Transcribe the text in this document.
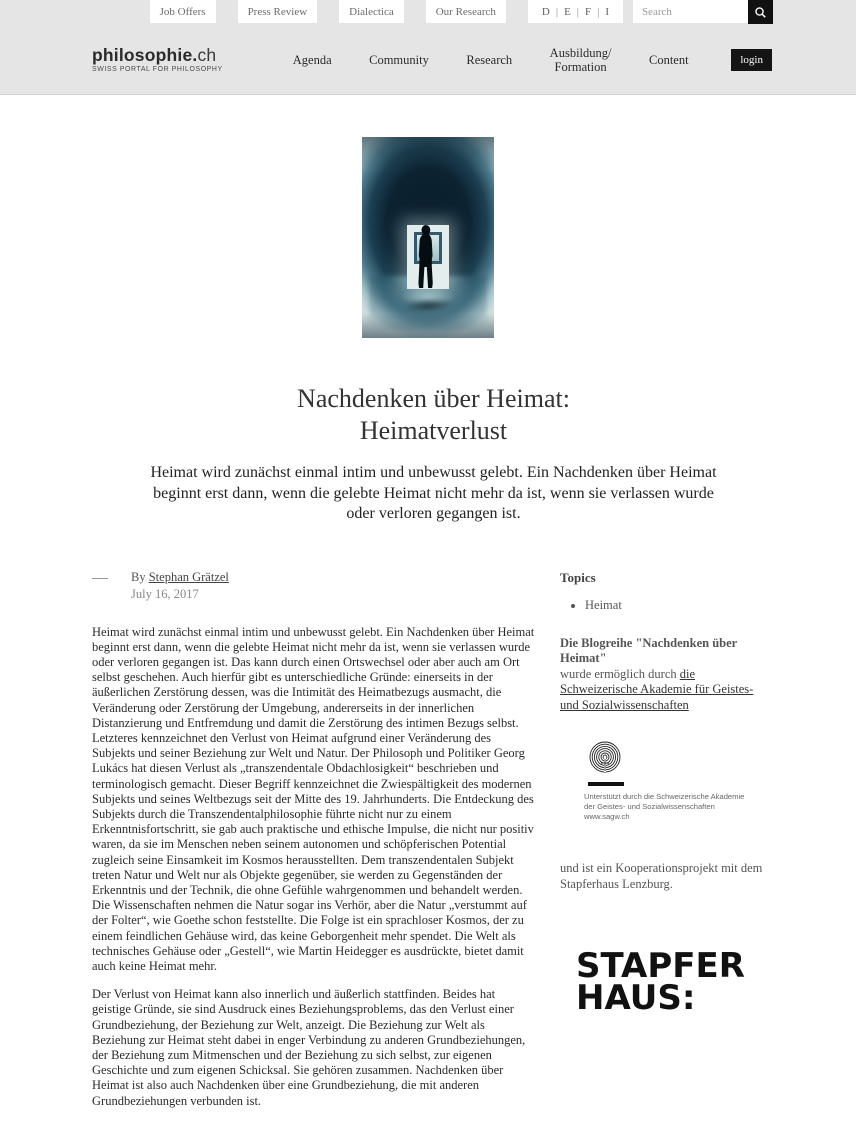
Job Offers	Press Review	Dialectica	Our Research	D | E | F | I
Search
philosophie.ch
SWISS PORTAL FOR PHILOSOPHY
Agenda	Community	Research	Ausbildung/
Formation	Content	login
Nachdenken über Heimat:
Heimatverlust

Heimat wird zunächst einmal intim und unbewusst gelebt. Ein Nachdenken über Heimat beginnt erst dann, wenn die gelebte Heimat nicht mehr da ist, wenn sie verlassen wurde oder verloren gegangen ist.

By Stephan Grätzel
July 16, 2017

Heimat wird zunächst einmal intim und unbewusst gelebt. Ein Nachdenken über Heimat beginnt erst dann, wenn die gelebte Heimat nicht mehr da ist, wenn sie verlassen wurde oder verloren gegangen ist. Das kann durch einen Ortswechsel oder aber auch am Ort selbst geschehen. Auch hierfür gibt es unterschiedliche Gründe: einerseits in der äußerlichen Zerstörung dessen, was die Intimität des Heimatbezugs ausmacht, die Veränderung oder Zerstörung der Umgebung, andererseits in der innerlichen Distanzierung und Entfremdung und damit die Zerstörung des intimen Bezugs selbst. Letzteres kennzeichnet den Verlust von Heimat aufgrund einer Veränderung des Subjekts und seiner Beziehung zur Welt und Natur. Der Philosoph und Politiker Georg Lukács hat diesen Verlust als „transzendentale Obdachlosigkeit“ beschrieben und terminologisch gemacht. Dieser Begriff kennzeichnet die Zwiespältigkeit des modernen Subjekts und seines Weltbezugs seit der Mitte des 19. Jahrhunderts. Die Entdeckung des Subjekts durch die Transzendentalphilosophie führte nicht nur zu einem Erkenntnisfortschritt, sie gab auch praktische und ethische Impulse, die nicht nur positiv waren, da sie im Menschen neben seinem autonomen und schöpferischen Potential zugleich seine Einsamkeit im Kosmos herausstellten. Dem transzendentalen Subjekt treten Natur und Welt nur als Objekte gegenüber, sie werden zu Gegenständen der Erkenntnis und der Technik, die ohne Gefühle wahrgenommen und behandelt werden. Die Wissenschaften nehmen die Natur sogar ins Verhör, aber die Natur „verstummt auf der Folter“, wie Goethe schon feststellte. Die Folge ist ein sprachloser Kosmos, der zu einem feindlichen Gehäuse wird, das keine Geborgenheit mehr spendet. Die Welt als technisches Gehäuse oder „Gestell“, wie Martin Heidegger es ausdrückte, bietet damit auch keine Heimat mehr.

Der Verlust von Heimat kann also innerlich und äußerlich stattfinden. Beides hat geistige Gründe, sie sind Ausdruck eines Beziehungsproblems, das den Verlust einer Grundbeziehung, der Beziehung zur Welt, anzeigt. Die Beziehung zur Welt als Beziehung zur Heimat steht dabei in enger Verbindung zu anderen Grundbeziehungen, der Beziehung zum Mitmenschen und der Beziehung zu sich selbst, zur eigenen Geschichte und zum eigenen Schicksal. Sie gehören zusammen. Nachdenken über Heimat ist also auch Nachdenken über eine Grundbeziehung, die mit anderen Grundbeziehungen verbunden ist.

Topics
• Heimat

Die Blogreihe "Nachdenken über Heimat"
wurde ermöglich durch die Schweizerische Akademie für Geistes- und Sozialwissenschaften

Unterstützt durch die Schweizerische Akademie
der Geistes- und Sozialwissenschaften
www.sagw.ch

und ist ein Kooperationsprojekt mit dem Stapferhaus Lenzburg.

STAPFER
HAUS:
